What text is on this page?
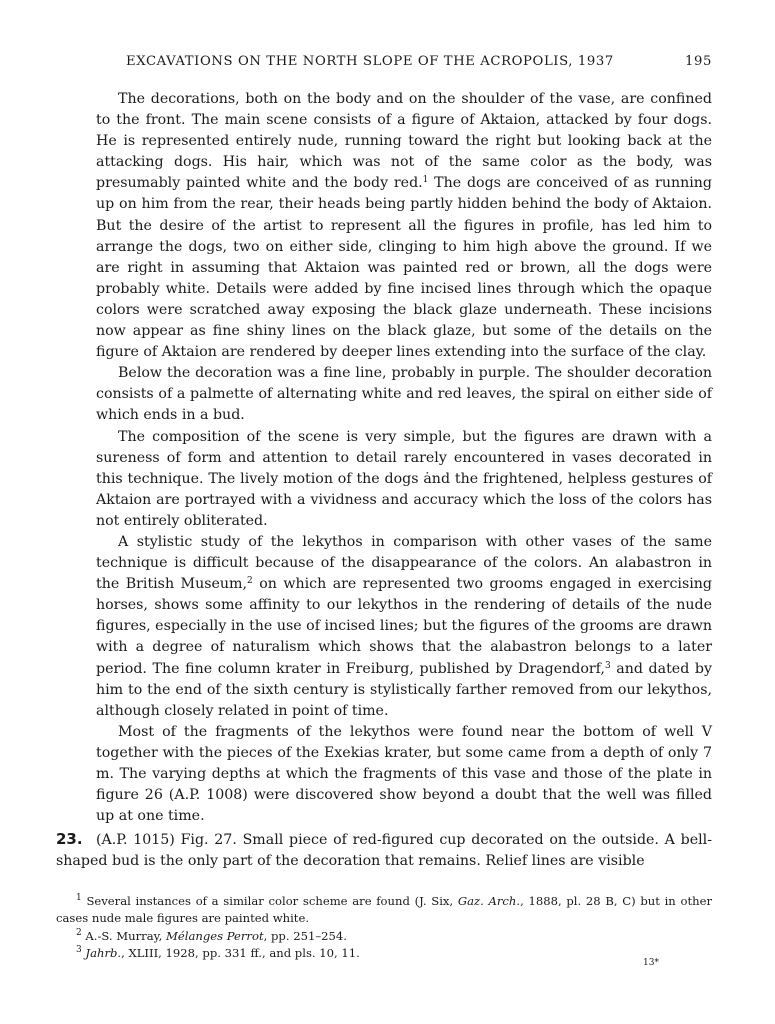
EXCAVATIONS ON THE NORTH SLOPE OF THE ACROPOLIS, 1937	195

The decorations, both on the body and on the shoulder of the vase, are confined to the front. The main scene consists of a figure of Aktaion, attacked by four dogs. He is represented entirely nude, running toward the right but looking back at the attacking dogs. His hair, which was not of the same color as the body, was presumably painted white and the body red.$^1$ The dogs are conceived of as running up on him from the rear, their heads being partly hidden behind the body of Aktaion. But the desire of the artist to represent all the figures in profile, has led him to arrange the dogs, two on either side, clinging to him high above the ground. If we are right in assuming that Aktaion was painted red or brown, all the dogs were probably white. Details were added by fine incised lines through which the opaque colors were scratched away exposing the black glaze underneath. These incisions now appear as fine shiny lines on the black glaze, but some of the details on the figure of Aktaion are rendered by deeper lines extending into the surface of the clay.

Below the decoration was a fine line, probably in purple. The shoulder decoration consists of a palmette of alternating white and red leaves, the spiral on either side of which ends in a bud.

The composition of the scene is very simple, but the figures are drawn with a sureness of form and attention to detail rarely encountered in vases decorated in this technique. The lively motion of the dogs ȧnd the frightened, helpless gestures of Aktaion are portrayed with a vividness and accuracy which the loss of the colors has not entirely obliterated.

A stylistic study of the lekythos in comparison with other vases of the same technique is difficult because of the disappearance of the colors. An alabastron in the British Museum,$^2$ on which are represented two grooms engaged in exercising horses, shows some affinity to our lekythos in the rendering of details of the nude figures, especially in the use of incised lines; but the figures of the grooms are drawn with a degree of naturalism which shows that the alabastron belongs to a later period. The fine column krater in Freiburg, published by Dragendorf,$^3$ and dated by him to the end of the sixth century is stylistically farther removed from our lekythos, although closely related in point of time.

Most of the fragments of the lekythos were found near the bottom of well V together with the pieces of the Exekias krater, but some came from a depth of only 7 m. The varying depths at which the fragments of this vase and those of the plate in figure 26 (A.P. 1008) were discovered show beyond a doubt that the well was filled up at one time.

23. (A.P. 1015) Fig. 27. Small piece of red-figured cup decorated on the outside. A bell-shaped bud is the only part of the decoration that remains. Relief lines are visible

$^1$ Several instances of a similar color scheme are found (J. Six, Gaz. Arch., 1888, pl. 28 B, C) but in other cases nude male figures are painted white.

$^2$ A.-S. Murray, Mélanges Perrot, pp. 251–254.

$^3$ Jahrb., XLIII, 1928, pp. 331 ff., and pls. 10, 11.

13*
